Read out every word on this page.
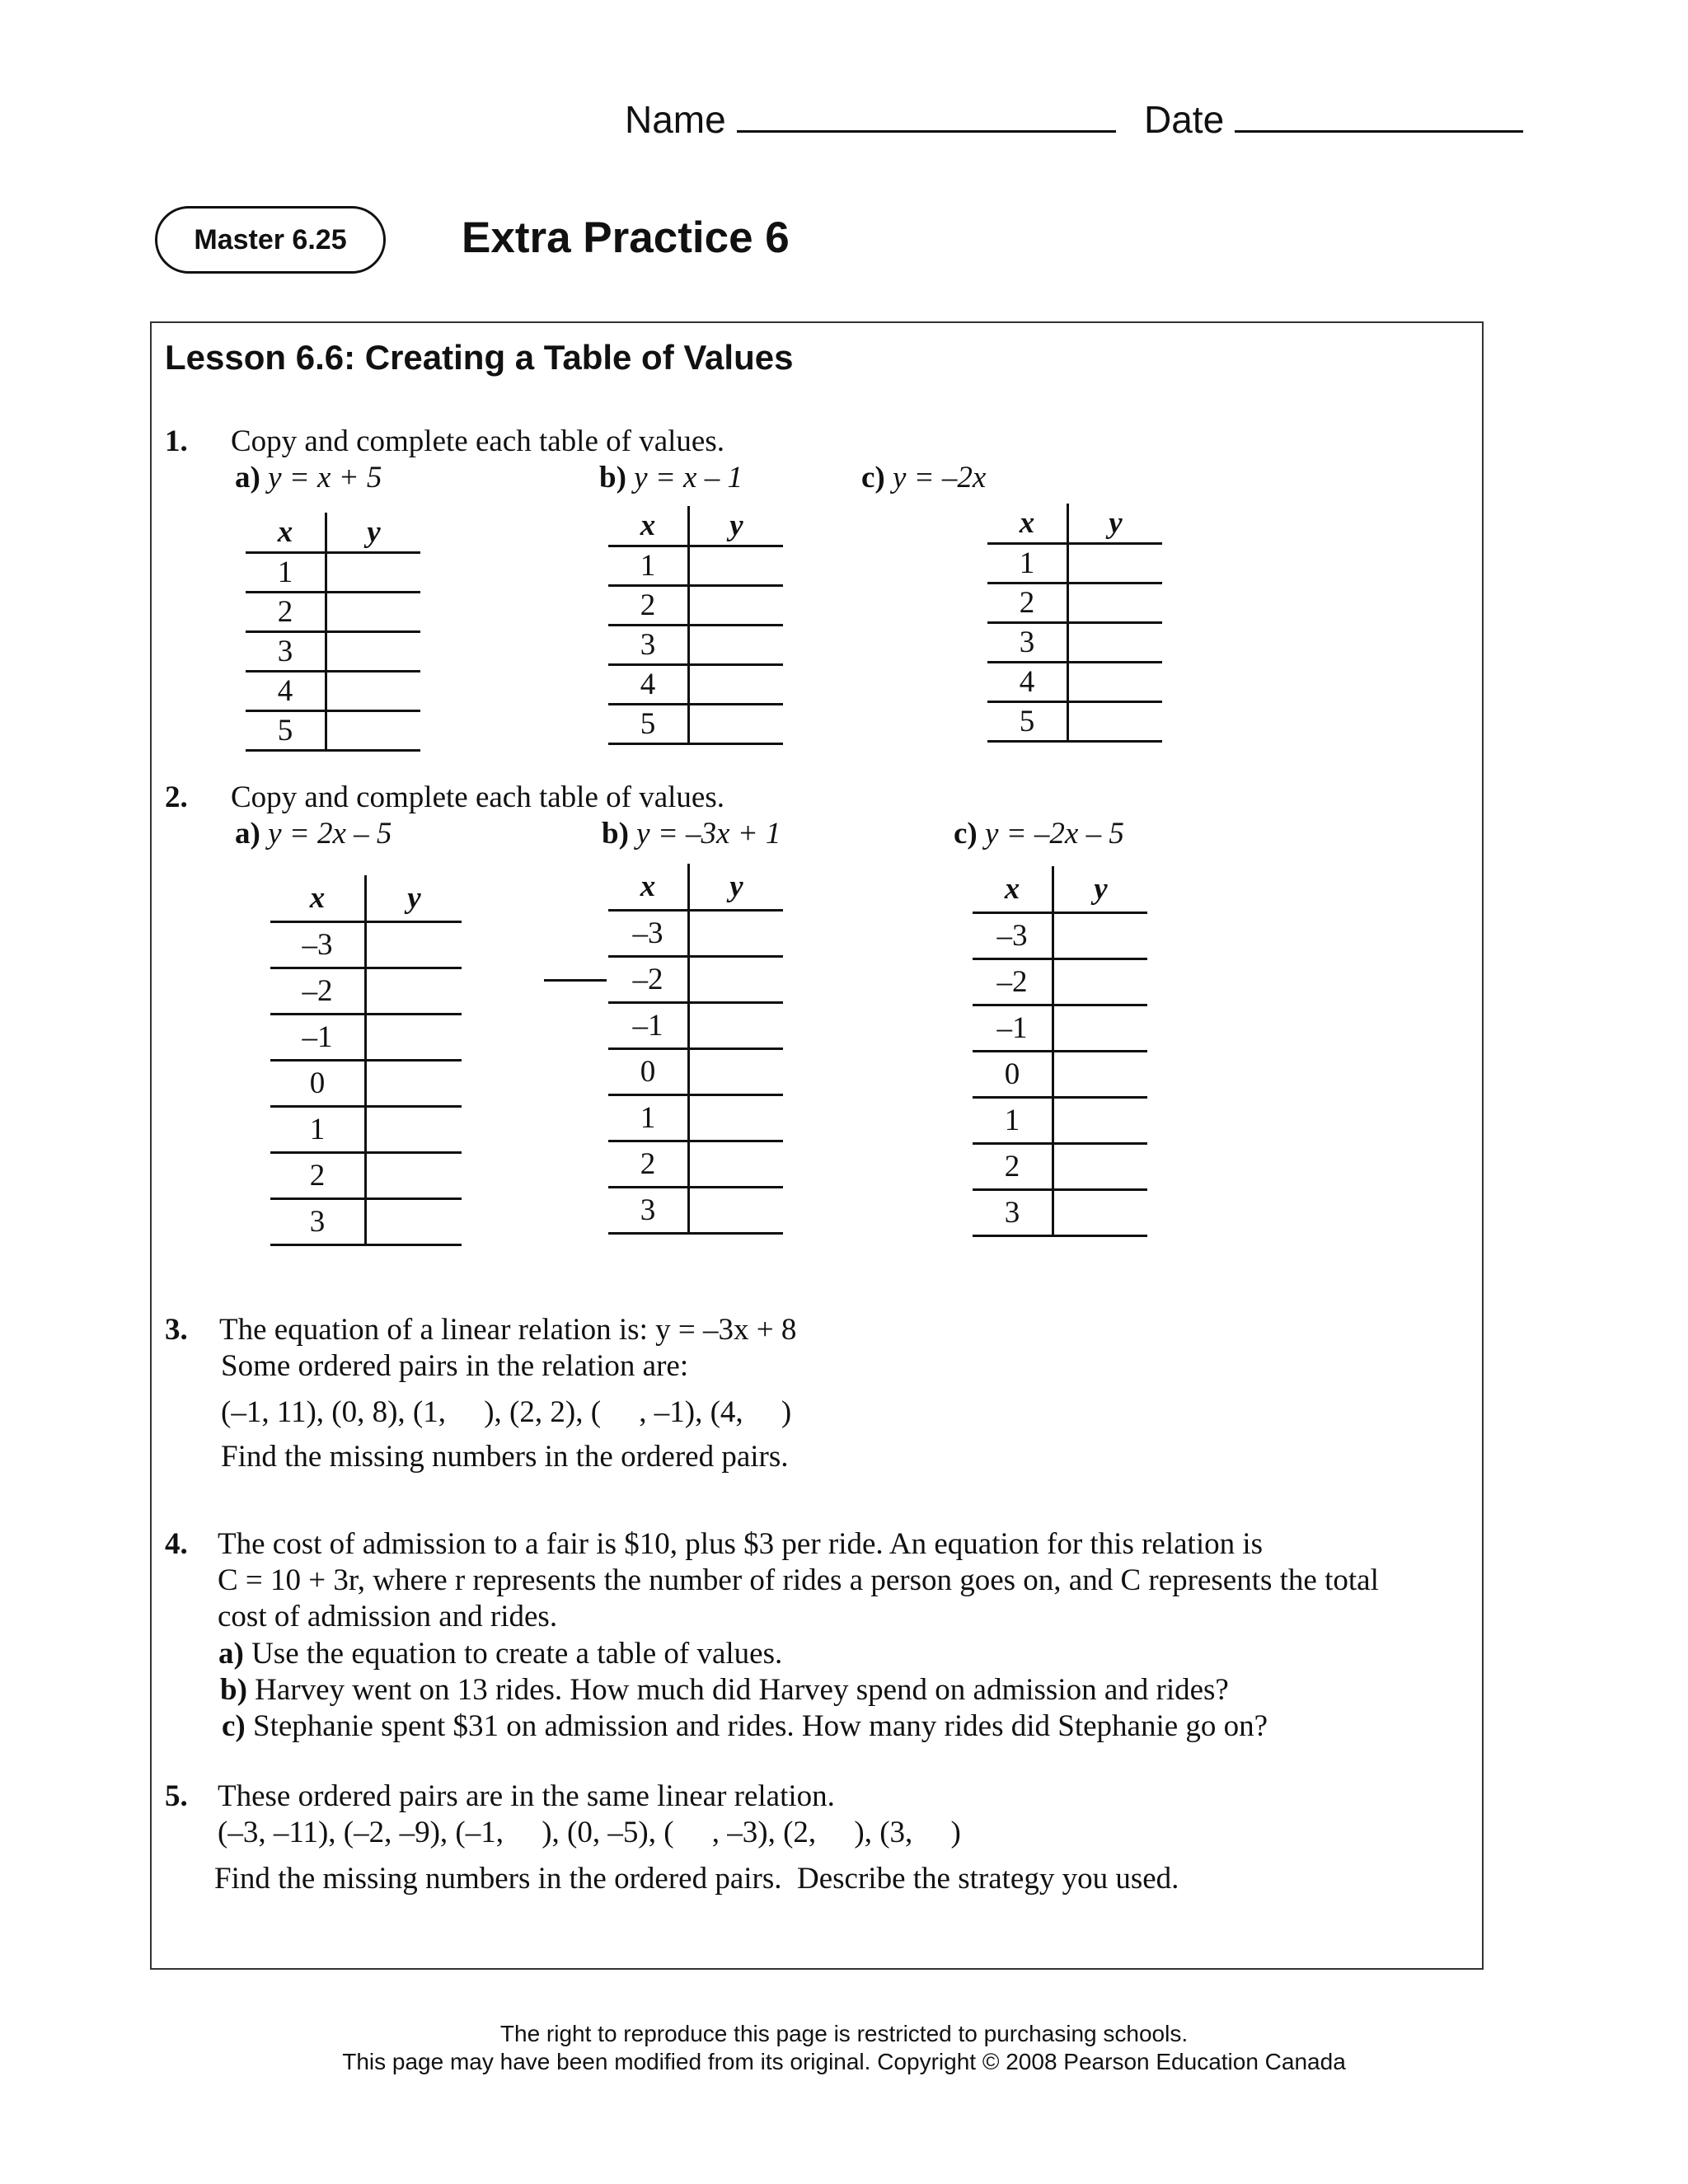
Name	Date
Master 6.25	Extra Practice 6
Lesson 6.6: Creating a Table of Values
1. Copy and complete each table of values.
a) y = x + 5	b) y = x – 1	c) y = –2x
x	y
1	
2	
3	
4	
5	
x	y
1	
2	
3	
4	
5	
x	y
1	
2	
3	
4	
5	
2. Copy and complete each table of values.
a) y = 2x – 5	b) y = –3x + 1	c) y = –2x – 5
x	y
–3	
–2	
–1	
0	
1	
2	
3	
x	y
–3	
–2	
–1	
0	
1	
2	
3	
x	y
–3	
–2	
–1	
0	
1	
2	
3	
3. The equation of a linear relation is: y = –3x + 8
Some ordered pairs in the relation are:
(–1, 11), (0, 8), (1,     ), (2, 2), (     , –1), (4,     )
Find the missing numbers in the ordered pairs.
4. The cost of admission to a fair is $10, plus $3 per ride. An equation for this relation is
C = 10 + 3r, where r represents the number of rides a person goes on, and C represents the total
cost of admission and rides.
a) Use the equation to create a table of values.
b) Harvey went on 13 rides. How much did Harvey spend on admission and rides?
c) Stephanie spent $31 on admission and rides. How many rides did Stephanie go on?
5. These ordered pairs are in the same linear relation.
(–3, –11), (–2, –9), (–1,     ), (0, –5), (     , –3), (2,     ), (3,     )
Find the missing numbers in the ordered pairs.  Describe the strategy you used.
The right to reproduce this page is restricted to purchasing schools.
This page may have been modified from its original. Copyright © 2008 Pearson Education Canada
